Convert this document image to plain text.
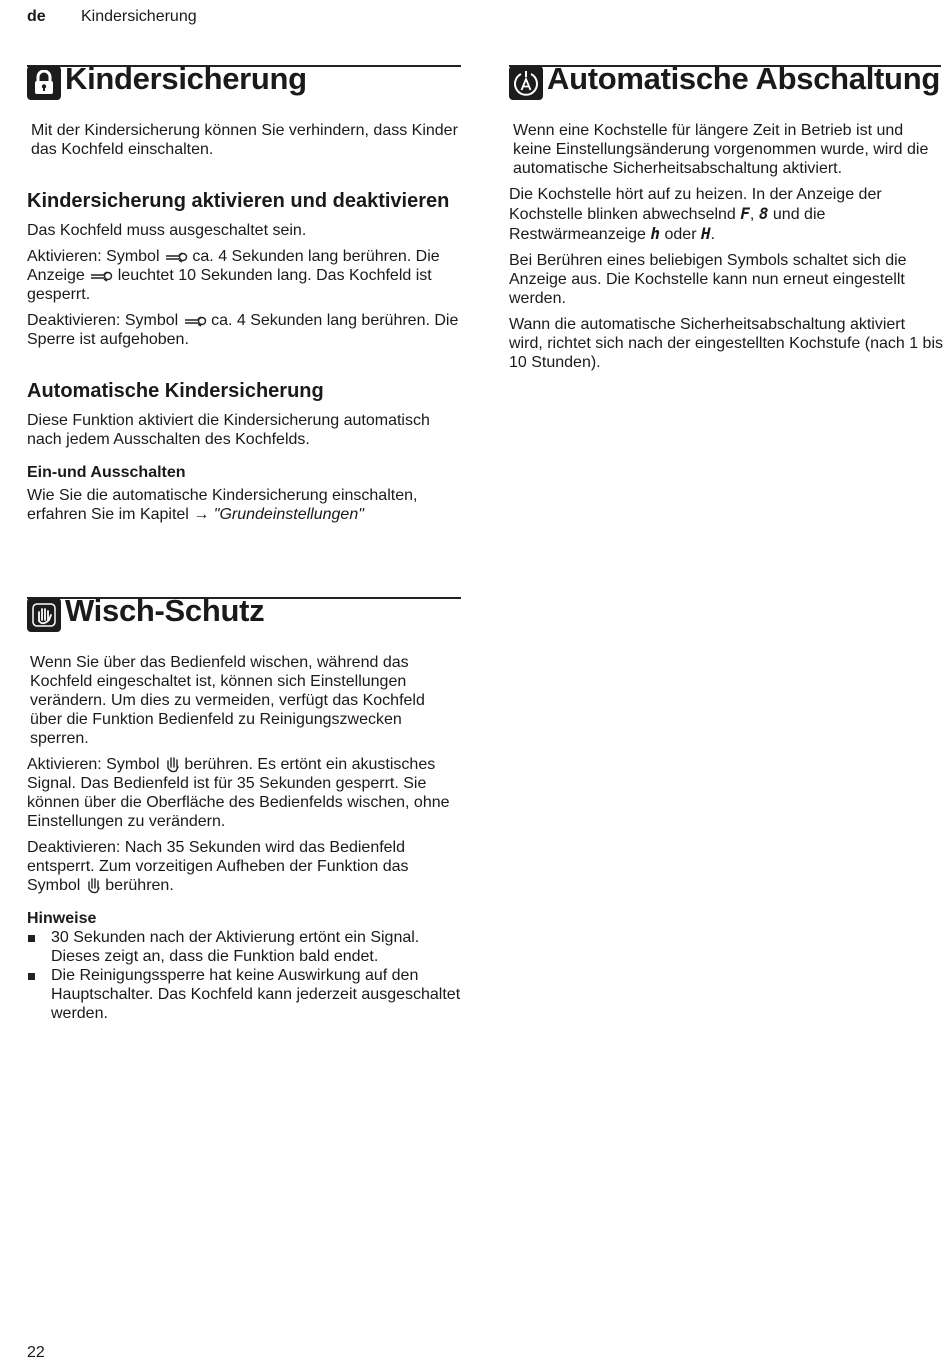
de Kindersicherung
Kindersicherung

Mit der Kindersicherung können Sie verhindern, dass Kinder das Kochfeld einschalten.

Kindersicherung aktivieren und deaktivieren

Das Kochfeld muss ausgeschaltet sein.

Aktivieren: Symbol ca. 4 Sekunden lang berühren. Die Anzeige leuchtet 10 Sekunden lang. Das Kochfeld ist gesperrt.

Deaktivieren: Symbol ca. 4 Sekunden lang berühren. Die Sperre ist aufgehoben.

Automatische Kindersicherung

Diese Funktion aktiviert die Kindersicherung automatisch nach jedem Ausschalten des Kochfelds.

Ein-und Ausschalten

Wie Sie die automatische Kindersicherung einschalten, erfahren Sie im Kapitel → "Grundeinstellungen"

Automatische Abschaltung

Wenn eine Kochstelle für längere Zeit in Betrieb ist und keine Einstellungsänderung vorgenommen wurde, wird die automatische Sicherheitsabschaltung aktiviert.

Die Kochstelle hört auf zu heizen. In der Anzeige der Kochstelle blinken abwechselnd F, 8 und die Restwärmeanzeige h oder H.

Bei Berühren eines beliebigen Symbols schaltet sich die Anzeige aus. Die Kochstelle kann nun erneut eingestellt werden.

Wann die automatische Sicherheitsabschaltung aktiviert wird, richtet sich nach der eingestellten Kochstufe (nach 1 bis 10 Stunden).

Wisch-Schutz

Wenn Sie über das Bedienfeld wischen, während das Kochfeld eingeschaltet ist, können sich Einstellungen verändern. Um dies zu vermeiden, verfügt das Kochfeld über die Funktion Bedienfeld zu Reinigungszwecken sperren.

Aktivieren: Symbol berühren. Es ertönt ein akustisches Signal. Das Bedienfeld ist für 35 Sekunden gesperrt. Sie können über die Oberfläche des Bedienfelds wischen, ohne Einstellungen zu verändern.

Deaktivieren: Nach 35 Sekunden wird das Bedienfeld entsperrt. Zum vorzeitigen Aufheben der Funktion das Symbol berühren.

Hinweise
30 Sekunden nach der Aktivierung ertönt ein Signal. Dieses zeigt an, dass die Funktion bald endet.
Die Reinigungssperre hat keine Auswirkung auf den Hauptschalter. Das Kochfeld kann jederzeit ausgeschaltet werden.
22
